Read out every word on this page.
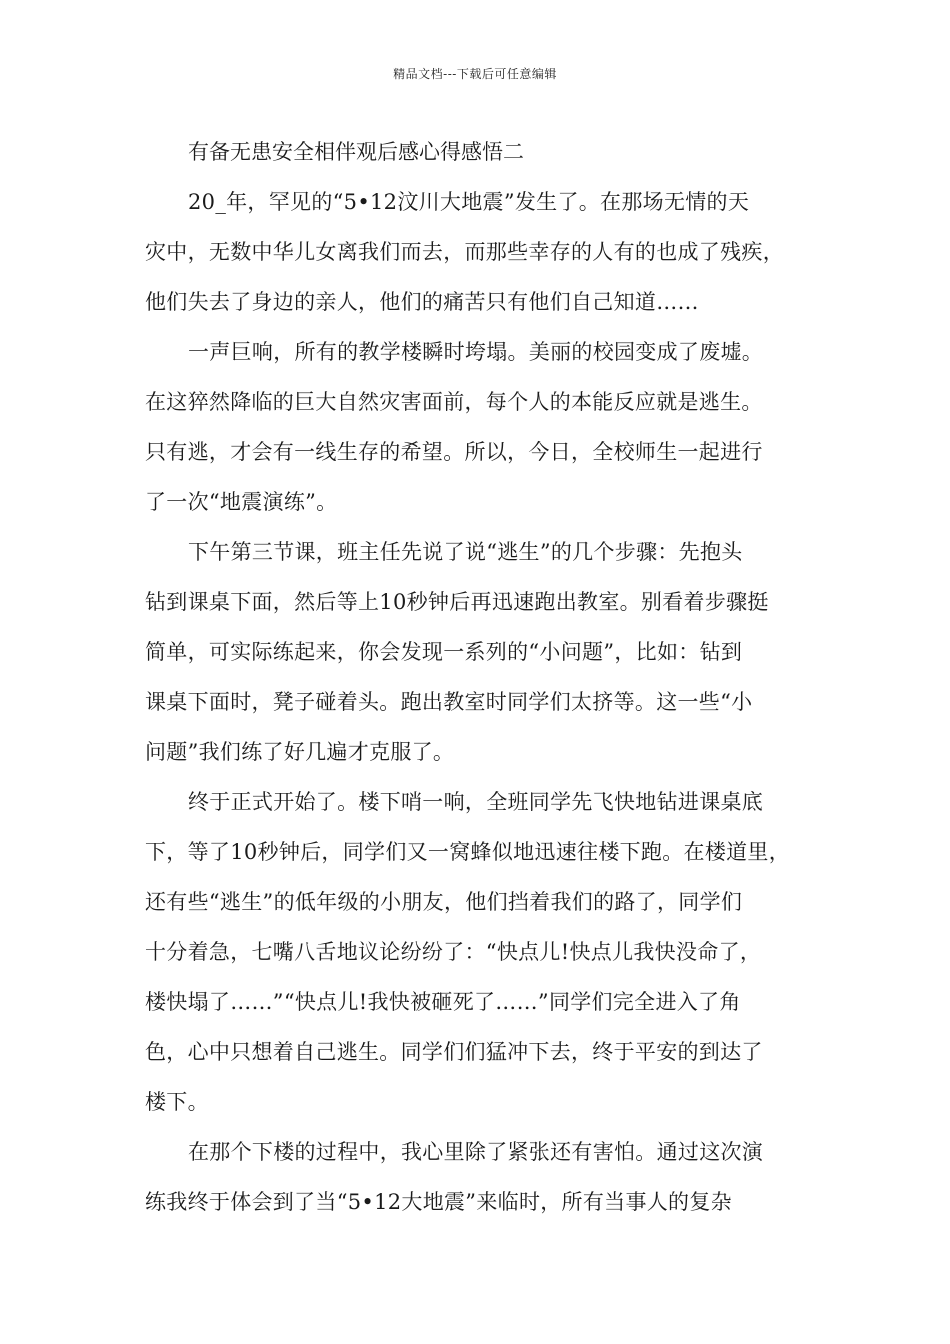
精品文档---下载后可任意编辑
有备无患安全相伴观后感心得感悟二
20_年，罕见的“5•12汶川大地震”发生了。在那场无情的天
灾中，无数中华儿女离我们而去，而那些幸存的人有的也成了残疾，
他们失去了身边的亲人，他们的痛苦只有他们自己知道……
一声巨响，所有的教学楼瞬时垮塌。美丽的校园变成了废墟。
在这猝然降临的巨大自然灾害面前，每个人的本能反应就是逃生。
只有逃，才会有一线生存的希望。所以，今日，全校师生一起进行
了一次“地震演练”。
下午第三节课，班主任先说了说“逃生”的几个步骤：先抱头
钻到课桌下面，然后等上10秒钟后再迅速跑出教室。别看着步骤挺
简单，可实际练起来，你会发现一系列的“小问题”，比如：钻到
课桌下面时，凳子碰着头。跑出教室时同学们太挤等。这一些“小
问题”我们练了好几遍才克服了。
终于正式开始了。楼下哨一响，全班同学先飞快地钻进课桌底
下，等了10秒钟后，同学们又一窝蜂似地迅速往楼下跑。在楼道里，
还有些“逃生”的低年级的小朋友，他们挡着我们的路了，同学们
十分着急，七嘴八舌地议论纷纷了：“快点儿!快点儿我快没命了，
楼快塌了……”“快点儿!我快被砸死了……”同学们完全进入了角
色，心中只想着自己逃生。同学们们猛冲下去，终于平安的到达了
楼下。
在那个下楼的过程中，我心里除了紧张还有害怕。通过这次演
练我终于体会到了当“5•12大地震”来临时，所有当事人的复杂
